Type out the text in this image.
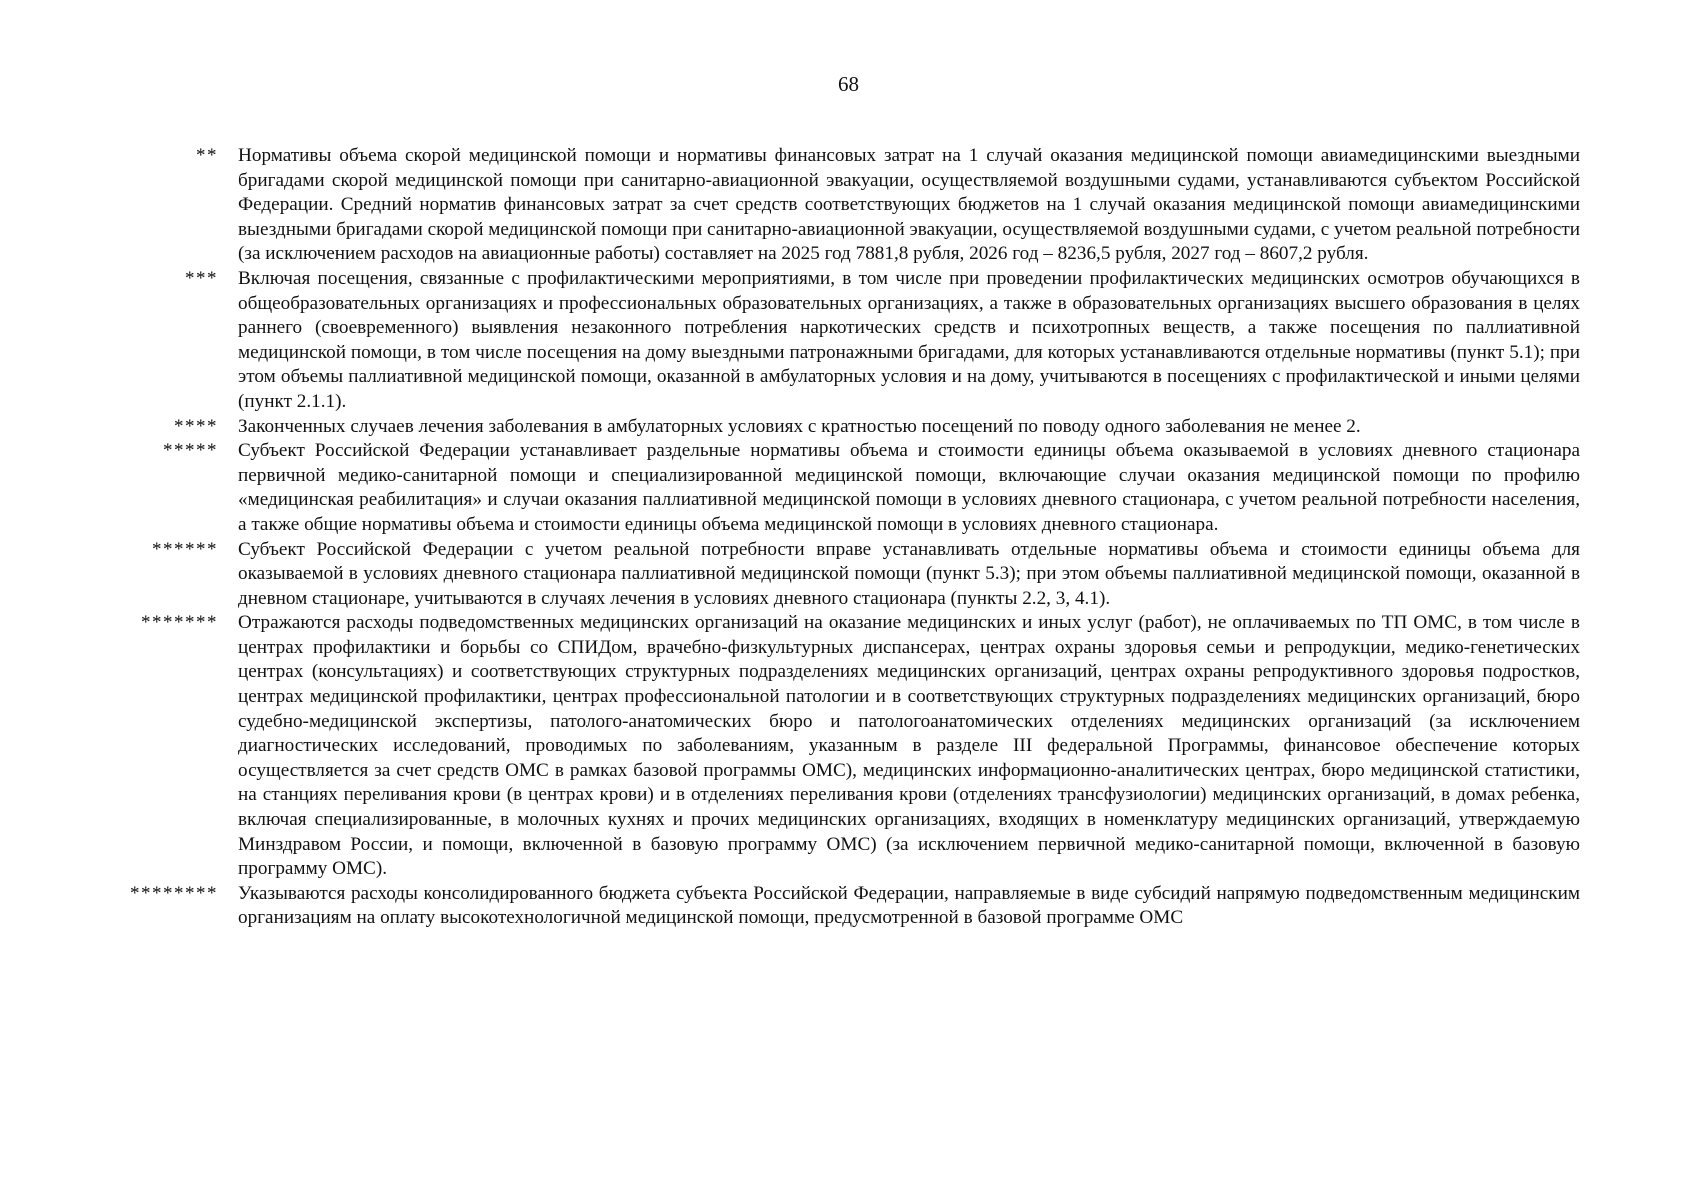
68
**	Нормативы объема скорой медицинской помощи и нормативы финансовых затрат на 1 случай оказания медицинской помощи авиамедицинскими выездными бригадами скорой медицинской помощи при санитарно-авиационной эвакуации, осуществляемой воздушными судами, устанавливаются субъектом Российской Федерации. Средний норматив финансовых затрат за счет средств соответствующих бюджетов на 1 случай оказания медицинской помощи авиамедицинскими выездными бригадами скорой медицинской помощи при санитарно-авиационной эвакуации, осуществляемой воздушными судами, с учетом реальной потребности (за исключением расходов на авиационные работы) составляет на 2025 год 7881,8 рубля, 2026 год – 8236,5 рубля, 2027 год – 8607,2 рубля.

***	Включая посещения, связанные с профилактическими мероприятиями, в том числе при проведении профилактических медицинских осмотров обучающихся в общеобразовательных организациях и профессиональных образовательных организациях, а также в образовательных организациях высшего образования в целях раннего (своевременного) выявления незаконного потребления наркотических средств и психотропных веществ, а также посещения по паллиативной медицинской помощи, в том числе посещения на дому выездными патронажными бригадами, для которых устанавливаются отдельные нормативы (пункт 5.1); при этом объемы паллиативной медицинской помощи, оказанной в амбулаторных условия и на дому, учитываются в посещениях с профилактической и иными целями (пункт 2.1.1).

****	Законченных случаев лечения заболевания в амбулаторных условиях с кратностью посещений по поводу одного заболевания не менее 2.

*****	Субъект Российской Федерации устанавливает раздельные нормативы объема и стоимости единицы объема оказываемой в условиях дневного стационара первичной медико-санитарной помощи и специализированной медицинской помощи, включающие случаи оказания медицинской помощи по профилю «медицинская реабилитация» и случаи оказания паллиативной медицинской помощи в условиях дневного стационара, с учетом реальной потребности населения, а также общие нормативы объема и стоимости единицы объема медицинской помощи в условиях дневного стационара.

******	Субъект Российской Федерации с учетом реальной потребности вправе устанавливать отдельные нормативы объема и стоимости единицы объема для оказываемой в условиях дневного стационара паллиативной медицинской помощи (пункт 5.3); при этом объемы паллиативной медицинской помощи, оказанной в дневном стационаре, учитываются в случаях лечения в условиях дневного стационара (пункты 2.2, 3, 4.1).

*******	Отражаются расходы подведомственных медицинских организаций на оказание медицинских и иных услуг (работ), не оплачиваемых по ТП ОМС, в том числе в центрах профилактики и борьбы со СПИДом, врачебно-физкультурных диспансерах, центрах охраны здоровья семьи и репродукции, медико-генетических центрах (консультациях) и соответствующих структурных подразделениях медицинских организаций, центрах охраны репродуктивного здоровья подростков, центрах медицинской профилактики, центрах профессиональной патологии и в соответствующих структурных подразделениях медицинских организаций, бюро судебно-медицинской экспертизы, патолого-анатомических бюро и патологоанатомических отделениях медицинских организаций (за исключением диагностических исследований, проводимых по заболеваниям, указанным в разделе III федеральной Программы, финансовое обеспечение которых осуществляется за счет средств ОМС в рамках базовой программы ОМС), медицинских информационно-аналитических центрах, бюро медицинской статистики, на станциях переливания крови (в центрах крови) и в отделениях переливания крови (отделениях трансфузиологии) медицинских организаций, в домах ребенка, включая специализированные, в молочных кухнях и прочих медицинских организациях, входящих в номенклатуру медицинских организаций, утверждаемую Минздравом России, и помощи, включенной в базовую программу ОМС) (за исключением первичной медико-санитарной помощи, включенной в базовую программу ОМС).

********	Указываются расходы консолидированного бюджета субъекта Российской Федерации, направляемые в виде субсидий напрямую подведомственным медицинским организациям на оплату высокотехнологичной медицинской помощи, предусмотренной в базовой программе ОМС
